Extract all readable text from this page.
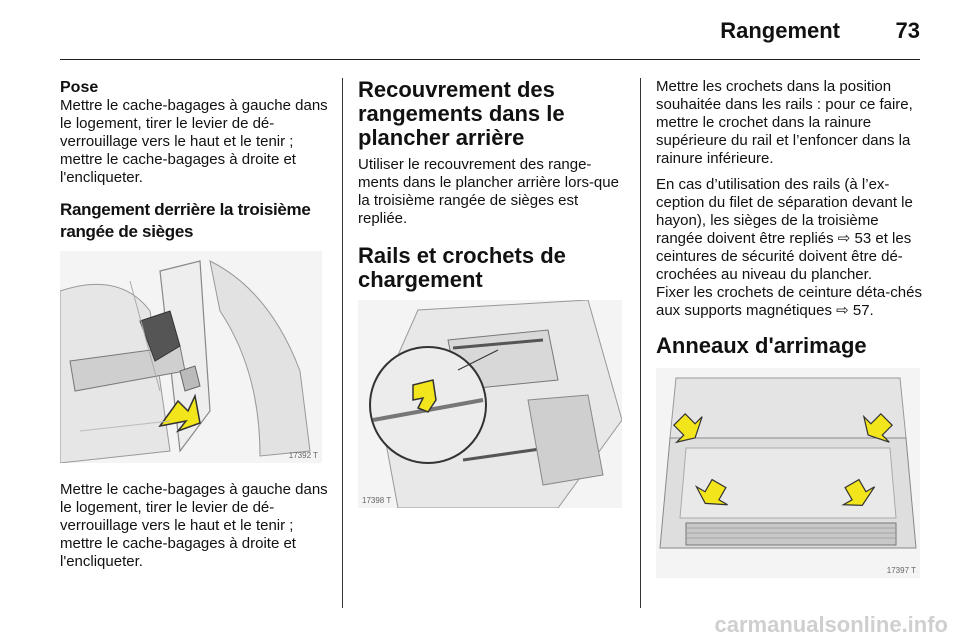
Rangement	73
Pose

Mettre le cache-bagages à gauche dans le logement, tirer le levier de dé-verrouillage vers le haut et le tenir ; mettre le cache-bagages à droite et l'encliqueter.

Rangement derrière la troisième rangée de sièges
17392 T

Mettre le cache-bagages à gauche dans le logement, tirer le levier de dé-verrouillage vers le haut et le tenir ; mettre le cache-bagages à droite et l'encliqueter.

Recouvrement des rangements dans le plancher arrière

Utiliser le recouvrement des range-ments dans le plancher arrière lors-que la troisième rangée de sièges est repliée.

Rails et crochets de chargement
17398 T

Mettre les crochets dans la position souhaitée dans les rails : pour ce faire, mettre le crochet dans la rainure supérieure du rail et l’enfoncer dans la rainure inférieure.

En cas d’utilisation des rails (à l’ex-ception du filet de séparation devant le hayon), les sièges de la troisième rangée doivent être repliés ⇨ 53 et les ceintures de sécurité doivent être dé-crochées au niveau du plancher.

Fixer les crochets de ceinture déta-chés aux supports magnétiques ⇨ 57.

Anneaux d'arrimage
17397 T
carmanualsonline.info
